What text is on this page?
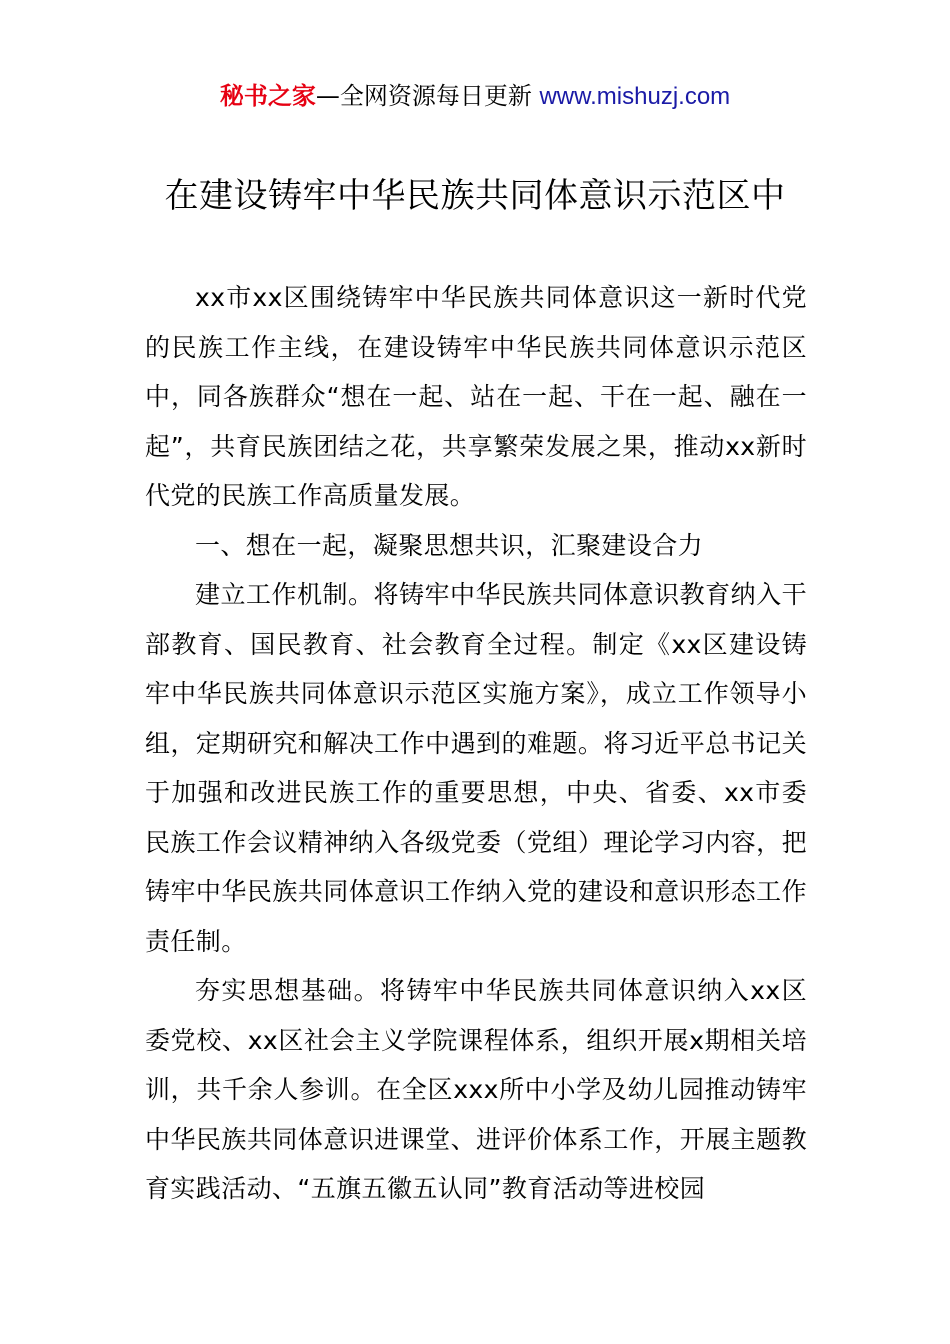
秘书之家—全网资源每日更新 www.mishuzj.com
在建设铸牢中华民族共同体意识示范区中

xx市xx区围绕铸牢中华民族共同体意识这一新时代党的民族工作主线，在建设铸牢中华民族共同体意识示范区中，同各族群众“想在一起、站在一起、干在一起、融在一起”，共育民族团结之花，共享繁荣发展之果，推动xx新时代党的民族工作高质量发展。

一、想在一起，凝聚思想共识，汇聚建设合力

建立工作机制。将铸牢中华民族共同体意识教育纳入干部教育、国民教育、社会教育全过程。制定《xx区建设铸牢中华民族共同体意识示范区实施方案》，成立工作领导小组，定期研究和解决工作中遇到的难题。将习近平总书记关于加强和改进民族工作的重要思想，中央、省委、xx市委民族工作会议精神纳入各级党委（党组）理论学习内容，把铸牢中华民族共同体意识工作纳入党的建设和意识形态工作责任制。

夯实思想基础。将铸牢中华民族共同体意识纳入xx区委党校、xx区社会主义学院课程体系，组织开展x期相关培训，共千余人参训。在全区xxx所中小学及幼儿园推动铸牢中华民族共同体意识进课堂、进评价体系工作，开展主题教育实践活动、“五旗五徽五认同”教育活动等进校园
